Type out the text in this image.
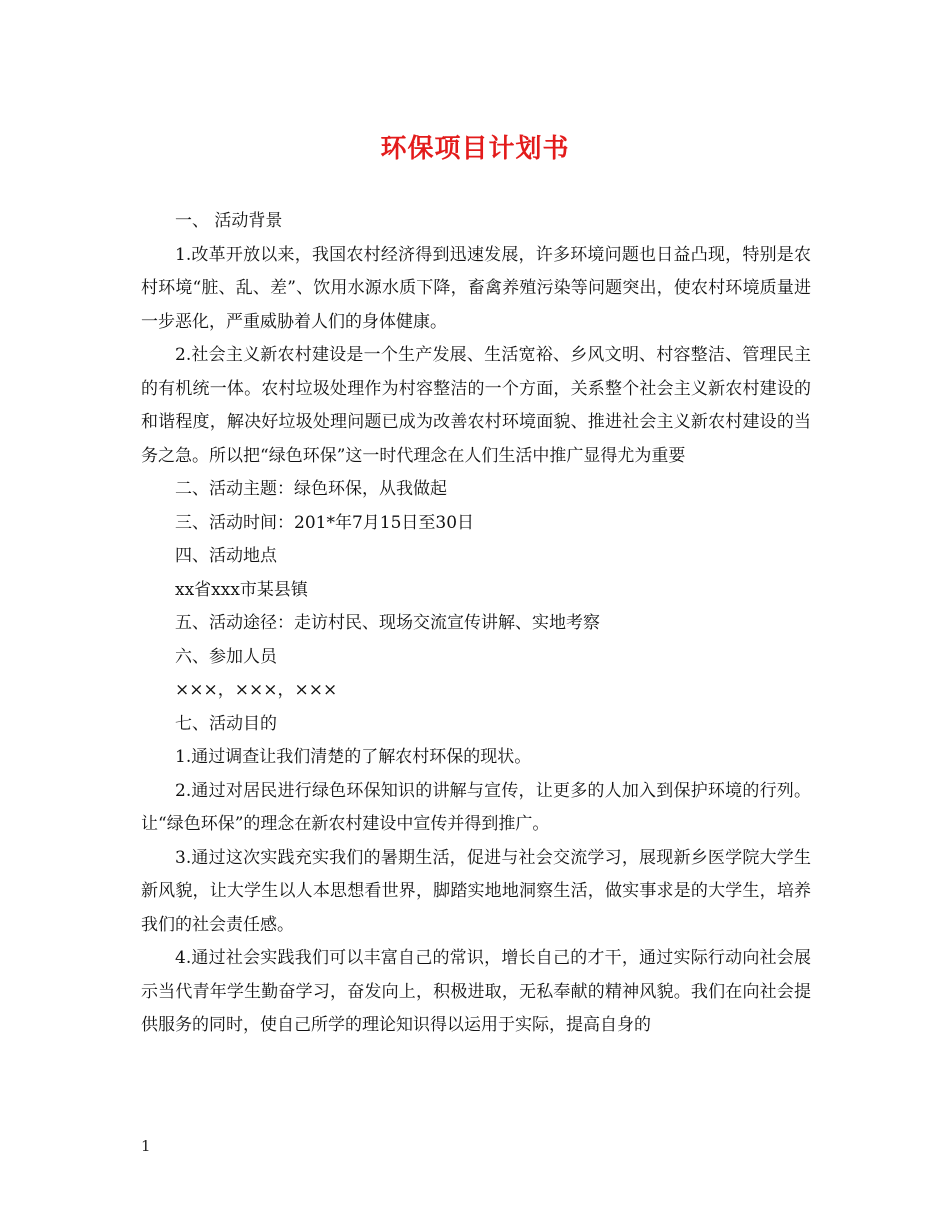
环保项目计划书

一、 活动背景

1.改革开放以来，我国农村经济得到迅速发展，许多环境问题也日益凸现，特别是农村环境“脏、乱、差”、饮用水源水质下降，畜禽养殖污染等问题突出，使农村环境质量进一步恶化，严重威胁着人们的身体健康。

2.社会主义新农村建设是一个生产发展、生活宽裕、乡风文明、村容整洁、管理民主的有机统一体。农村垃圾处理作为村容整洁的一个方面，关系整个社会主义新农村建设的和谐程度，解决好垃圾处理问题已成为改善农村环境面貌、推进社会主义新农村建设的当务之急。所以把“绿色环保”这一时代理念在人们生活中推广显得尤为重要

二、活动主题：绿色环保，从我做起

三、活动时间：201*年7月15日至30日

四、活动地点

xx省xxx市某县镇

五、活动途径：走访村民、现场交流宣传讲解、实地考察

六、参加人员

×××，×××，×××

七、活动目的

1.通过调查让我们清楚的了解农村环保的现状。

2.通过对居民进行绿色环保知识的讲解与宣传，让更多的人加入到保护环境的行列。让“绿色环保”的理念在新农村建设中宣传并得到推广。

3.通过这次实践充实我们的暑期生活，促进与社会交流学习，展现新乡医学院大学生新风貌，让大学生以人本思想看世界，脚踏实地地洞察生活，做实事求是的大学生，培养我们的社会责任感。

4.通过社会实践我们可以丰富自己的常识，增长自己的才干，通过实际行动向社会展示当代青年学生勤奋学习，奋发向上，积极进取，无私奉献的精神风貌。我们在向社会提供服务的同时，使自己所学的理论知识得以运用于实际，提高自身的

1
